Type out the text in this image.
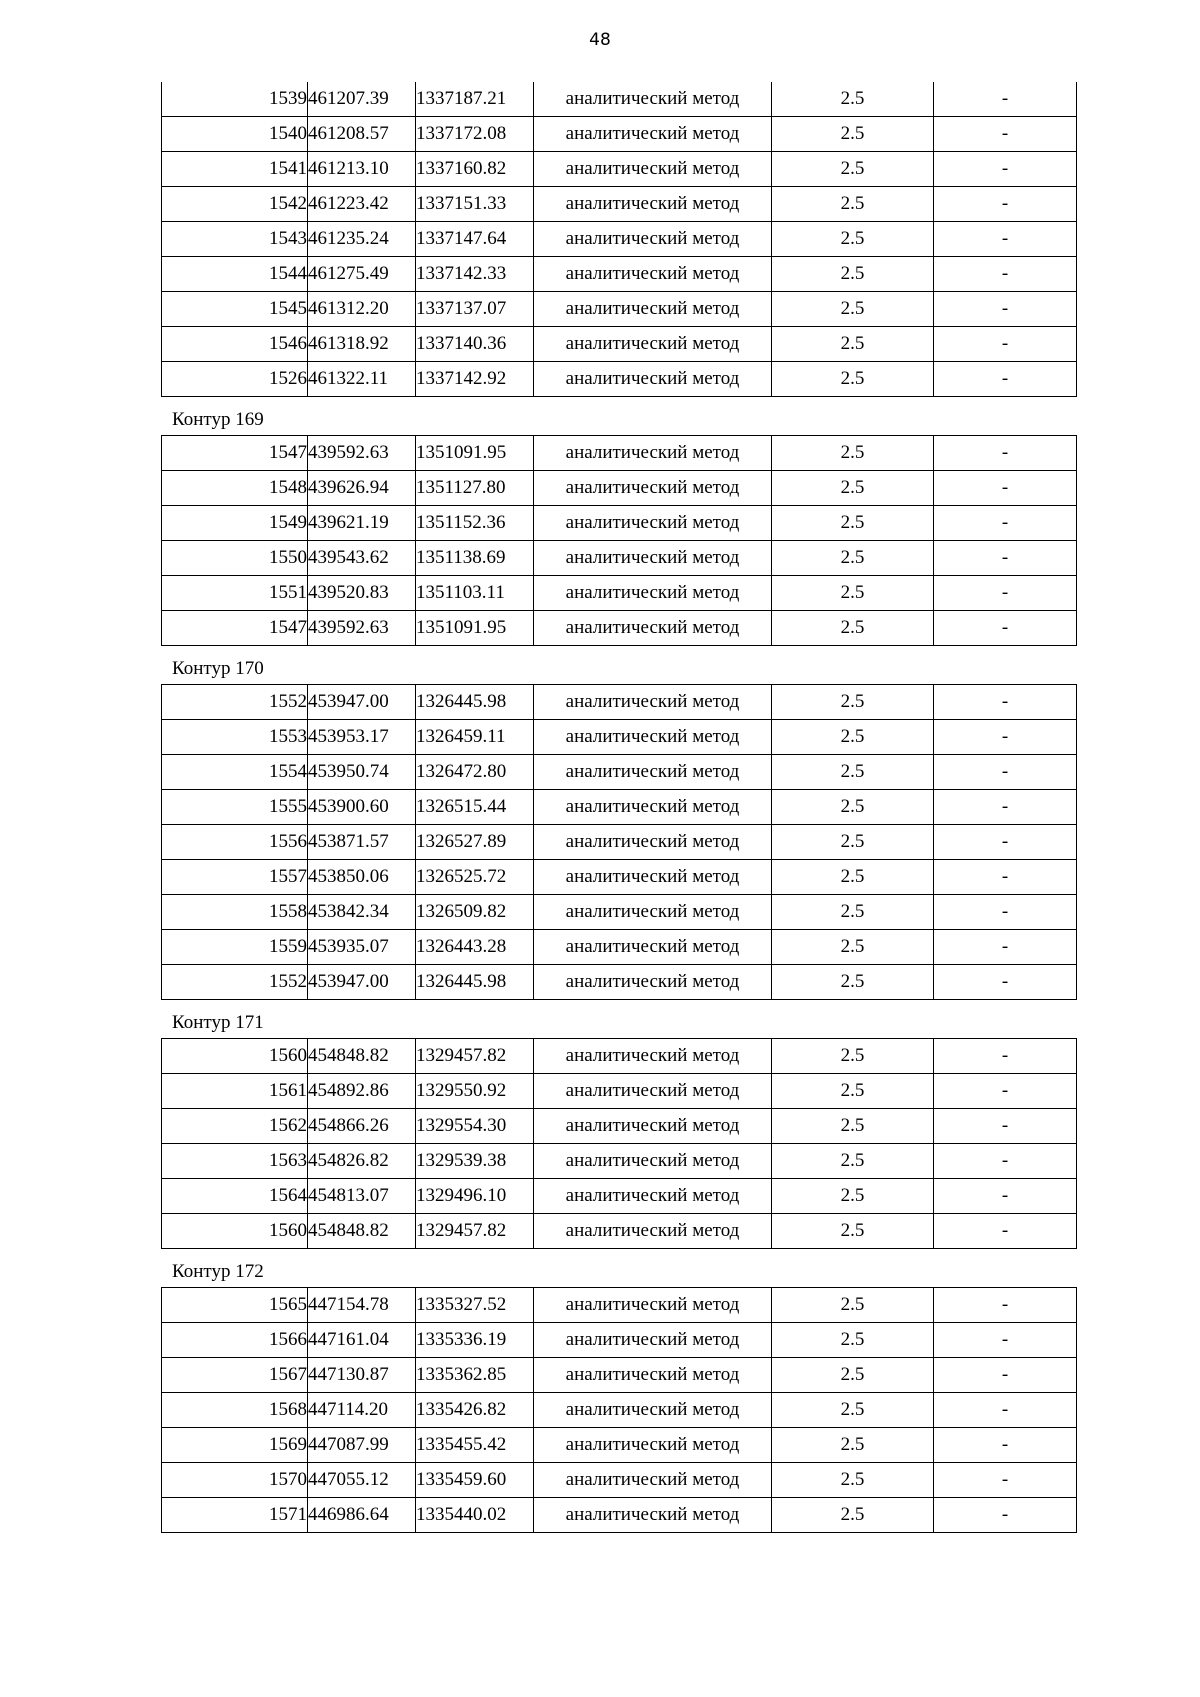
48
1539	461207.39	1337187.21	аналитический метод	2.5	-
1540	461208.57	1337172.08	аналитический метод	2.5	-
1541	461213.10	1337160.82	аналитический метод	2.5	-
1542	461223.42	1337151.33	аналитический метод	2.5	-
1543	461235.24	1337147.64	аналитический метод	2.5	-
1544	461275.49	1337142.33	аналитический метод	2.5	-
1545	461312.20	1337137.07	аналитический метод	2.5	-
1546	461318.92	1337140.36	аналитический метод	2.5	-
1526	461322.11	1337142.92	аналитический метод	2.5	-
Контур 169
1547	439592.63	1351091.95	аналитический метод	2.5	-
1548	439626.94	1351127.80	аналитический метод	2.5	-
1549	439621.19	1351152.36	аналитический метод	2.5	-
1550	439543.62	1351138.69	аналитический метод	2.5	-
1551	439520.83	1351103.11	аналитический метод	2.5	-
1547	439592.63	1351091.95	аналитический метод	2.5	-
Контур 170
1552	453947.00	1326445.98	аналитический метод	2.5	-
1553	453953.17	1326459.11	аналитический метод	2.5	-
1554	453950.74	1326472.80	аналитический метод	2.5	-
1555	453900.60	1326515.44	аналитический метод	2.5	-
1556	453871.57	1326527.89	аналитический метод	2.5	-
1557	453850.06	1326525.72	аналитический метод	2.5	-
1558	453842.34	1326509.82	аналитический метод	2.5	-
1559	453935.07	1326443.28	аналитический метод	2.5	-
1552	453947.00	1326445.98	аналитический метод	2.5	-
Контур 171
1560	454848.82	1329457.82	аналитический метод	2.5	-
1561	454892.86	1329550.92	аналитический метод	2.5	-
1562	454866.26	1329554.30	аналитический метод	2.5	-
1563	454826.82	1329539.38	аналитический метод	2.5	-
1564	454813.07	1329496.10	аналитический метод	2.5	-
1560	454848.82	1329457.82	аналитический метод	2.5	-
Контур 172
1565	447154.78	1335327.52	аналитический метод	2.5	-
1566	447161.04	1335336.19	аналитический метод	2.5	-
1567	447130.87	1335362.85	аналитический метод	2.5	-
1568	447114.20	1335426.82	аналитический метод	2.5	-
1569	447087.99	1335455.42	аналитический метод	2.5	-
1570	447055.12	1335459.60	аналитический метод	2.5	-
1571	446986.64	1335440.02	аналитический метод	2.5	-
